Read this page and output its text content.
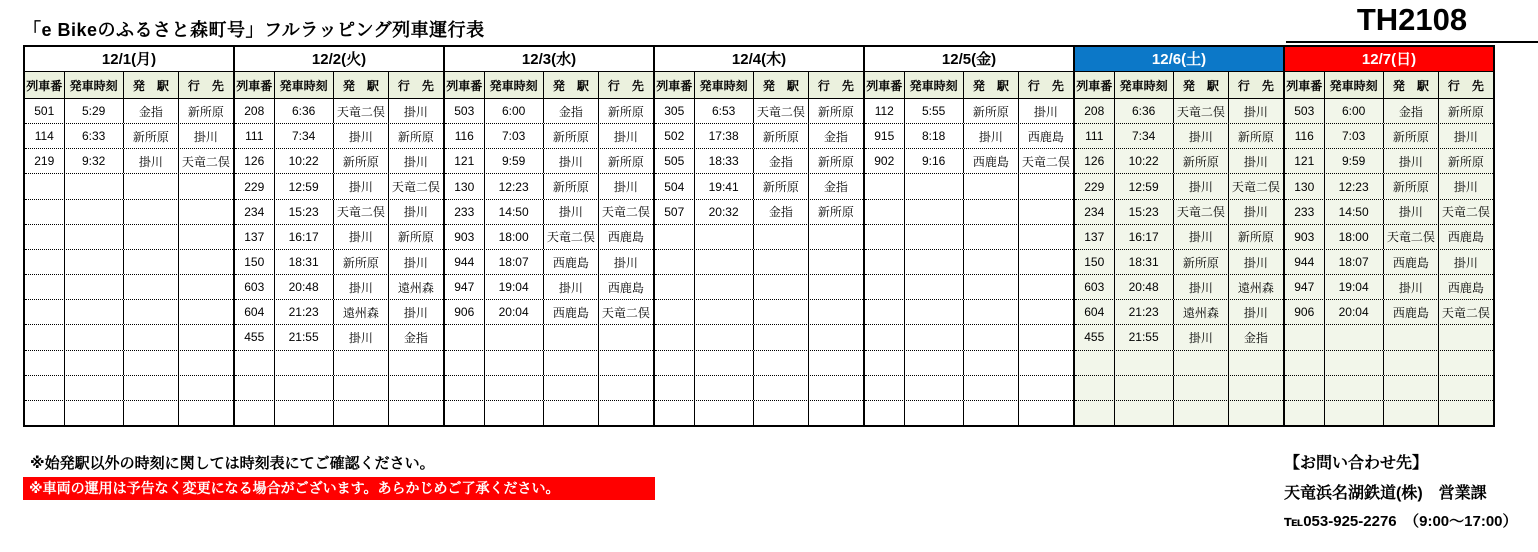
「e Bikeのふるさと森町号」フルラッピング列車運行表	TH2108
12/1(月)
列車番 発車時刻	発　駅	行　先
501	5:29	金指	新所原
114	6:33	新所原	掛川
219	9:32	掛川	天竜二俣
12/2(火)
列車番 発車時刻	発　駅	行　先
208	6:36	天竜二俣	掛川
111	7:34	掛川	新所原
126	10:22	新所原	掛川
229	12:59	掛川	天竜二俣
234	15:23	天竜二俣	掛川
137	16:17	掛川	新所原
150	18:31	新所原	掛川
603	20:48	掛川	遠州森
604	21:23	遠州森	掛川
455	21:55	掛川	金指
12/3(水)
列車番 発車時刻	発　駅	行　先
503	6:00	金指	新所原
116	7:03	新所原	掛川
121	9:59	掛川	新所原
130	12:23	新所原	掛川
233	14:50	掛川	天竜二俣
903	18:00	天竜二俣	西鹿島
944	18:07	西鹿島	掛川
947	19:04	掛川	西鹿島
906	20:04	西鹿島	天竜二俣
12/4(木)
列車番 発車時刻	発　駅	行　先
305	6:53	天竜二俣	新所原
502	17:38	新所原	金指
505	18:33	金指	新所原
504	19:41	新所原	金指
507	20:32	金指	新所原
12/5(金)
列車番 発車時刻	発　駅	行　先
112	5:55	新所原	掛川
915	8:18	掛川	西鹿島
902	9:16	西鹿島	天竜二俣
12/6(土)
列車番 発車時刻	発　駅	行　先
208	6:36	天竜二俣	掛川
111	7:34	掛川	新所原
126	10:22	新所原	掛川
229	12:59	掛川	天竜二俣
234	15:23	天竜二俣	掛川
137	16:17	掛川	新所原
150	18:31	新所原	掛川
603	20:48	掛川	遠州森
604	21:23	遠州森	掛川
455	21:55	掛川	金指
12/7(日)
列車番 発車時刻	発　駅	行　先
503	6:00	金指	新所原
116	7:03	新所原	掛川
121	9:59	掛川	新所原
130	12:23	新所原	掛川
233	14:50	掛川	天竜二俣
903	18:00	天竜二俣	西鹿島
944	18:07	西鹿島	掛川
947	19:04	掛川	西鹿島
906	20:04	西鹿島	天竜二俣
※始発駅以外の時刻に関しては時刻表にてご確認ください。
※車両の運用は予告なく変更になる場合がございます。あらかじめご了承ください。
【お問い合わせ先】
天竜浜名湖鉄道(株)　営業課
℡053-925-2276　（9:00～17:00）
